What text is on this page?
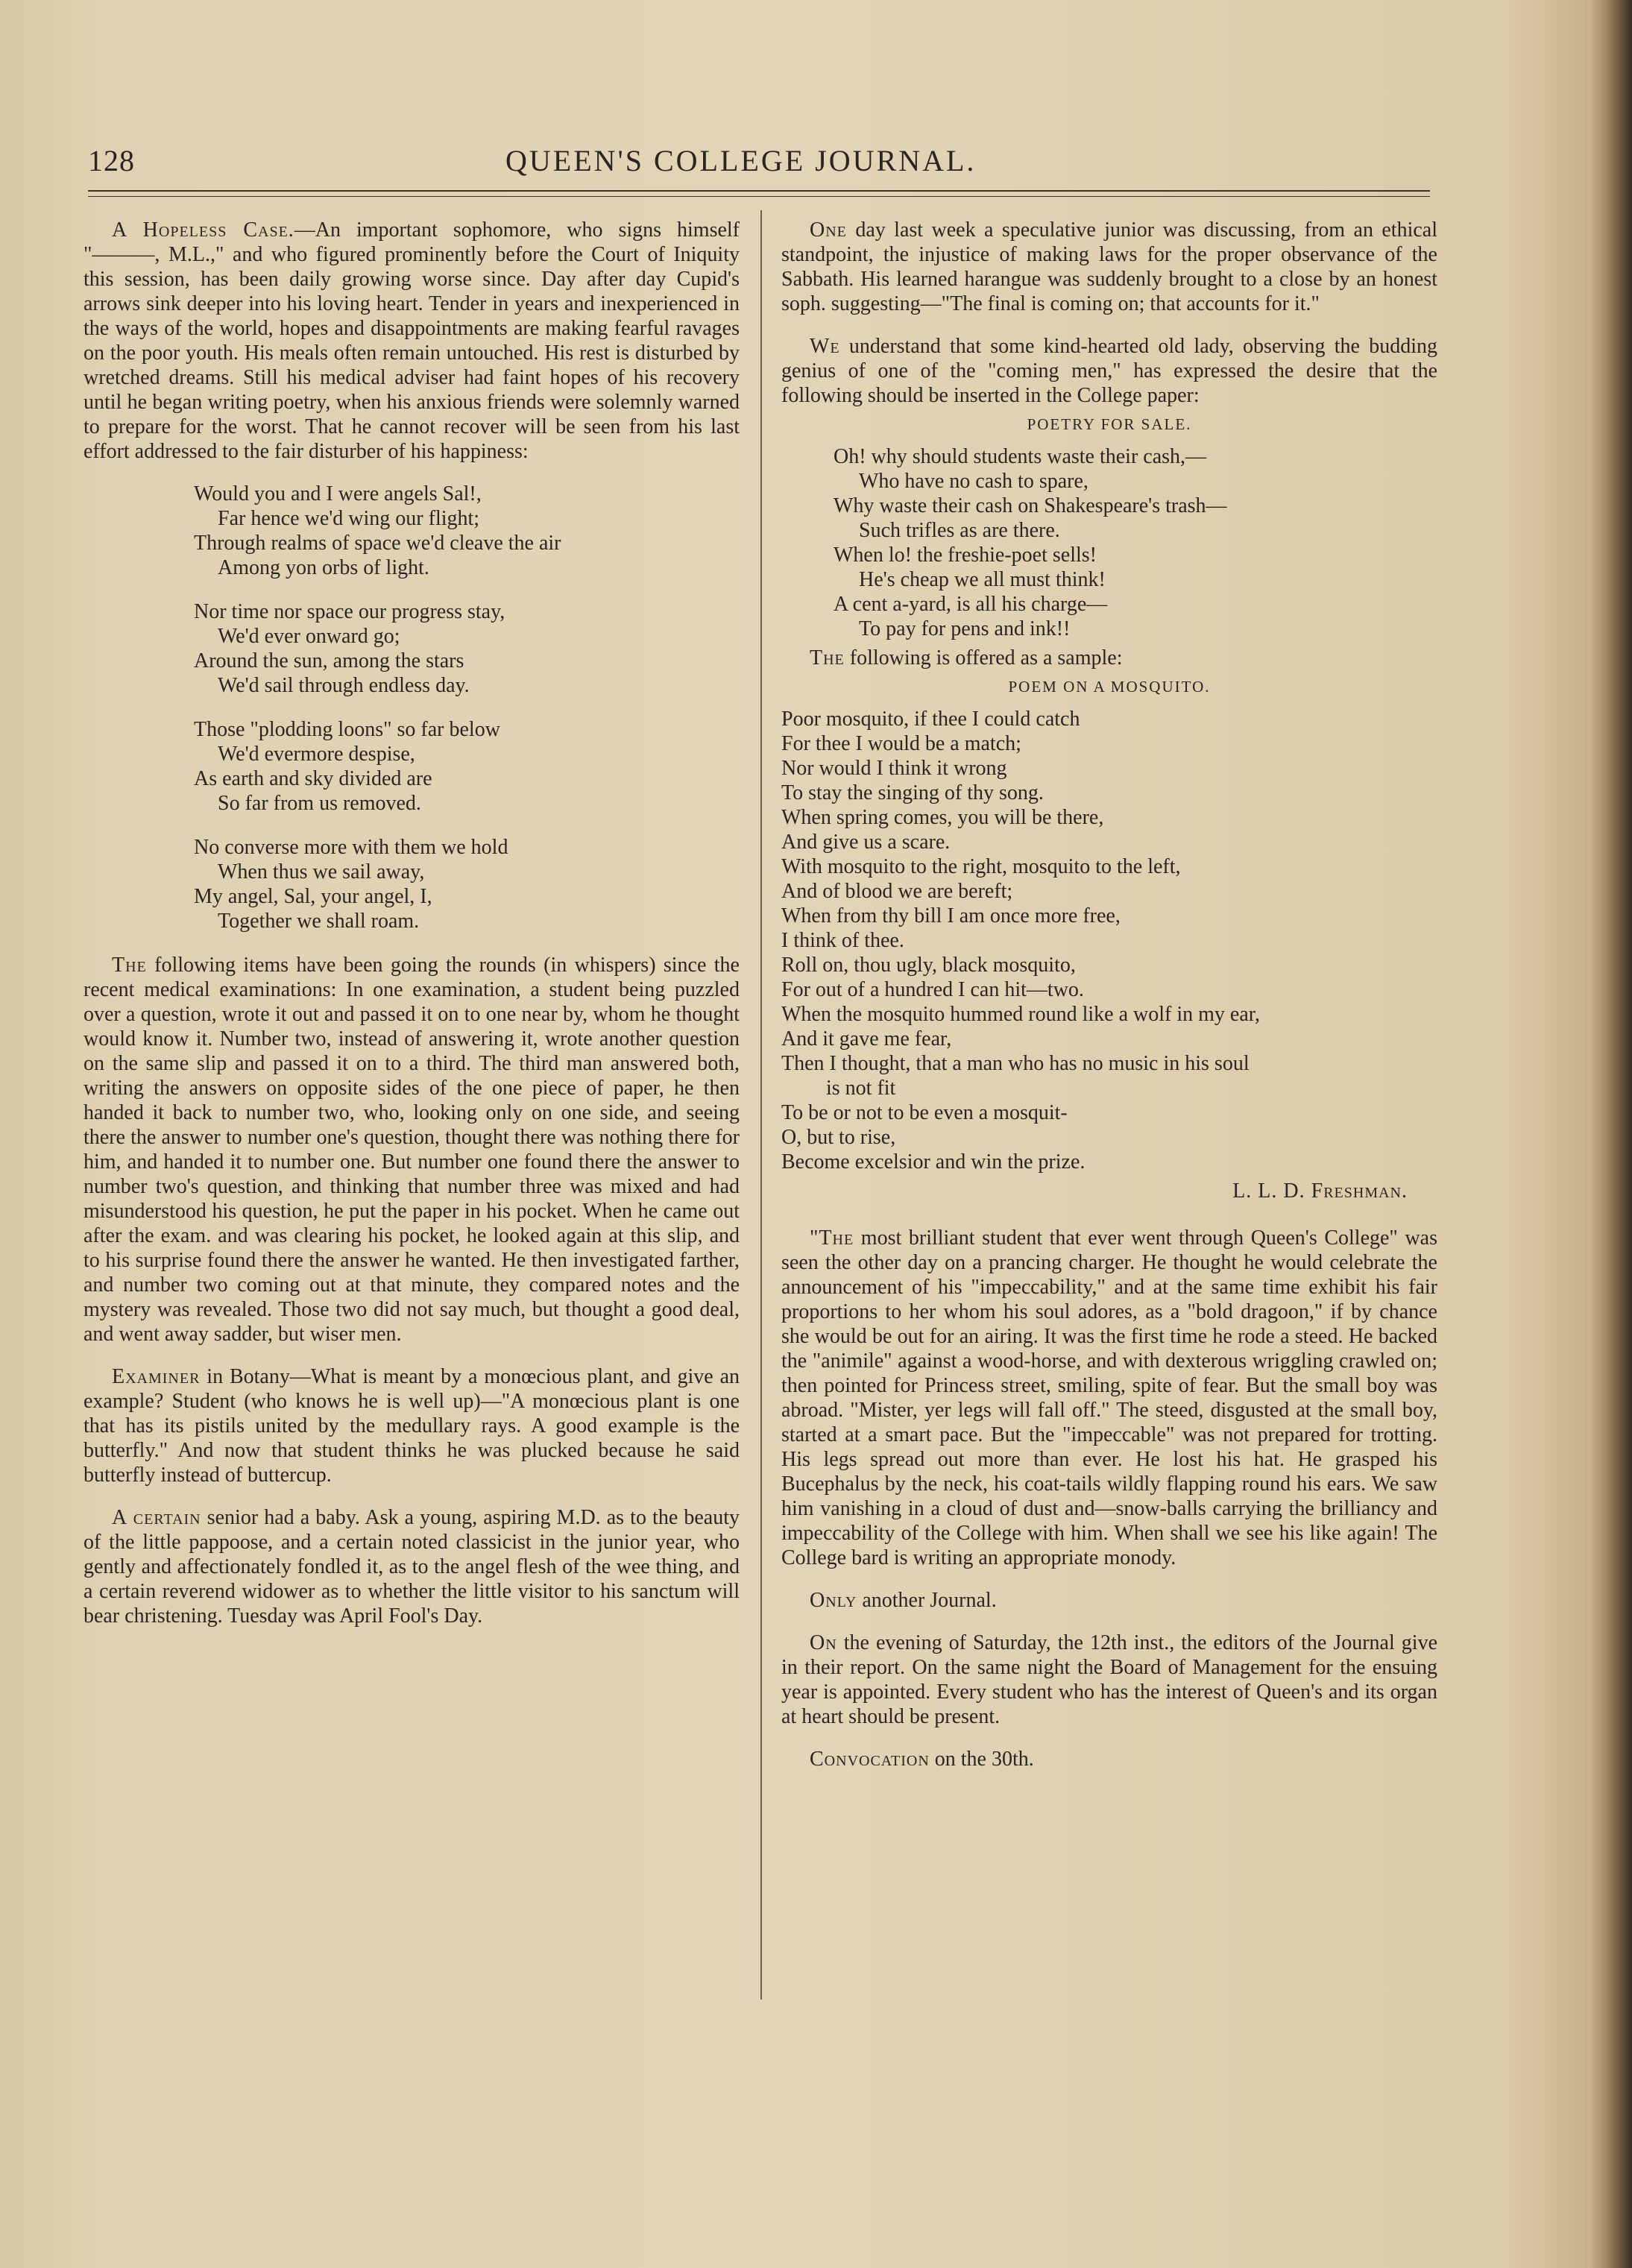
128	QUEEN'S COLLEGE JOURNAL.

A Hopeless Case.—An important sophomore, who signs himself "———, M.L.," and who figured prominently before the Court of Iniquity this session, has been daily growing worse since. Day after day Cupid's arrows sink deeper into his loving heart. Tender in years and inexperienced in the ways of the world, hopes and disappointments are making fearful ravages on the poor youth. His meals often remain untouched. His rest is disturbed by wretched dreams. Still his medical adviser had faint hopes of his recovery until he began writing poetry, when his anxious friends were solemnly warned to prepare for the worst. That he cannot recover will be seen from his last effort addressed to the fair disturber of his happiness:

Would you and I were angels Sal!,
Far hence we'd wing our flight;
Through realms of space we'd cleave the air
Among yon orbs of light.
Nor time nor space our progress stay,
We'd ever onward go;
Around the sun, among the stars
We'd sail through endless day.
Those "plodding loons" so far below
We'd evermore despise,
As earth and sky divided are
So far from us removed.
No converse more with them we hold
When thus we sail away,
My angel, Sal, your angel, I,
Together we shall roam.

The following items have been going the rounds (in whispers) since the recent medical examinations: In one examination, a student being puzzled over a question, wrote it out and passed it on to one near by, whom he thought would know it. Number two, instead of answering it, wrote another question on the same slip and passed it on to a third. The third man answered both, writing the answers on opposite sides of the one piece of paper, he then handed it back to number two, who, looking only on one side, and seeing there the answer to number one's question, thought there was nothing there for him, and handed it to number one. But number one found there the answer to number two's question, and thinking that number three was mixed and had misunderstood his question, he put the paper in his pocket. When he came out after the exam. and was clearing his pocket, he looked again at this slip, and to his surprise found there the answer he wanted. He then investigated farther, and number two coming out at that minute, they compared notes and the mystery was revealed. Those two did not say much, but thought a good deal, and went away sadder, but wiser men.

Examiner in Botany—What is meant by a monœcious plant, and give an example? Student (who knows he is well up)—"A monœcious plant is one that has its pistils united by the medullary rays. A good example is the butterfly." And now that student thinks he was plucked because he said butterfly instead of buttercup.

A certain senior had a baby. Ask a young, aspiring M.D. as to the beauty of the little pappoose, and a certain noted classicist in the junior year, who gently and affectionately fondled it, as to the angel flesh of the wee thing, and a certain reverend widower as to whether the little visitor to his sanctum will bear christening. Tuesday was April Fool's Day.

One day last week a speculative junior was discussing, from an ethical standpoint, the injustice of making laws for the proper observance of the Sabbath. His learned harangue was suddenly brought to a close by an honest soph. suggesting—"The final is coming on; that accounts for it."

We understand that some kind-hearted old lady, observing the budding genius of one of the "coming men," has expressed the desire that the following should be inserted in the College paper:

POETRY FOR SALE.
Oh! why should students waste their cash,—
Who have no cash to spare,
Why waste their cash on Shakespeare's trash—
Such trifles as are there.
When lo! the freshie-poet sells!
He's cheap we all must think!
A cent a-yard, is all his charge—
To pay for pens and ink!!
The following is offered as a sample:
POEM ON A MOSQUITO.
Poor mosquito, if thee I could catch
For thee I would be a match;
Nor would I think it wrong
To stay the singing of thy song.
When spring comes, you will be there,
And give us a scare.
With mosquito to the right, mosquito to the left,
And of blood we are bereft;
When from thy bill I am once more free,
I think of thee.
Roll on, thou ugly, black mosquito,
For out of a hundred I can hit—two.
When the mosquito hummed round like a wolf in my ear,
And it gave me fear,
Then I thought, that a man who has no music in his soul
is not fit
To be or not to be even a mosquit-
O, but to rise,
Become excelsior and win the prize.
L. L. D. Freshman.

"The most brilliant student that ever went through Queen's College" was seen the other day on a prancing charger. He thought he would celebrate the announcement of his "impeccability," and at the same time exhibit his fair proportions to her whom his soul adores, as a "bold dragoon," if by chance she would be out for an airing. It was the first time he rode a steed. He backed the "animile" against a wood-horse, and with dexterous wriggling crawled on; then pointed for Princess street, smiling, spite of fear. But the small boy was abroad. "Mister, yer legs will fall off." The steed, disgusted at the small boy, started at a smart pace. But the "impeccable" was not prepared for trotting. His legs spread out more than ever. He lost his hat. He grasped his Bucephalus by the neck, his coat-tails wildly flapping round his ears. We saw him vanishing in a cloud of dust and—snow-balls carrying the brilliancy and impeccability of the College with him. When shall we see his like again! The College bard is writing an appropriate monody.

Only another Journal.

On the evening of Saturday, the 12th inst., the editors of the Journal give in their report. On the same night the Board of Management for the ensuing year is appointed. Every student who has the interest of Queen's and its organ at heart should be present.

Convocation on the 30th.
